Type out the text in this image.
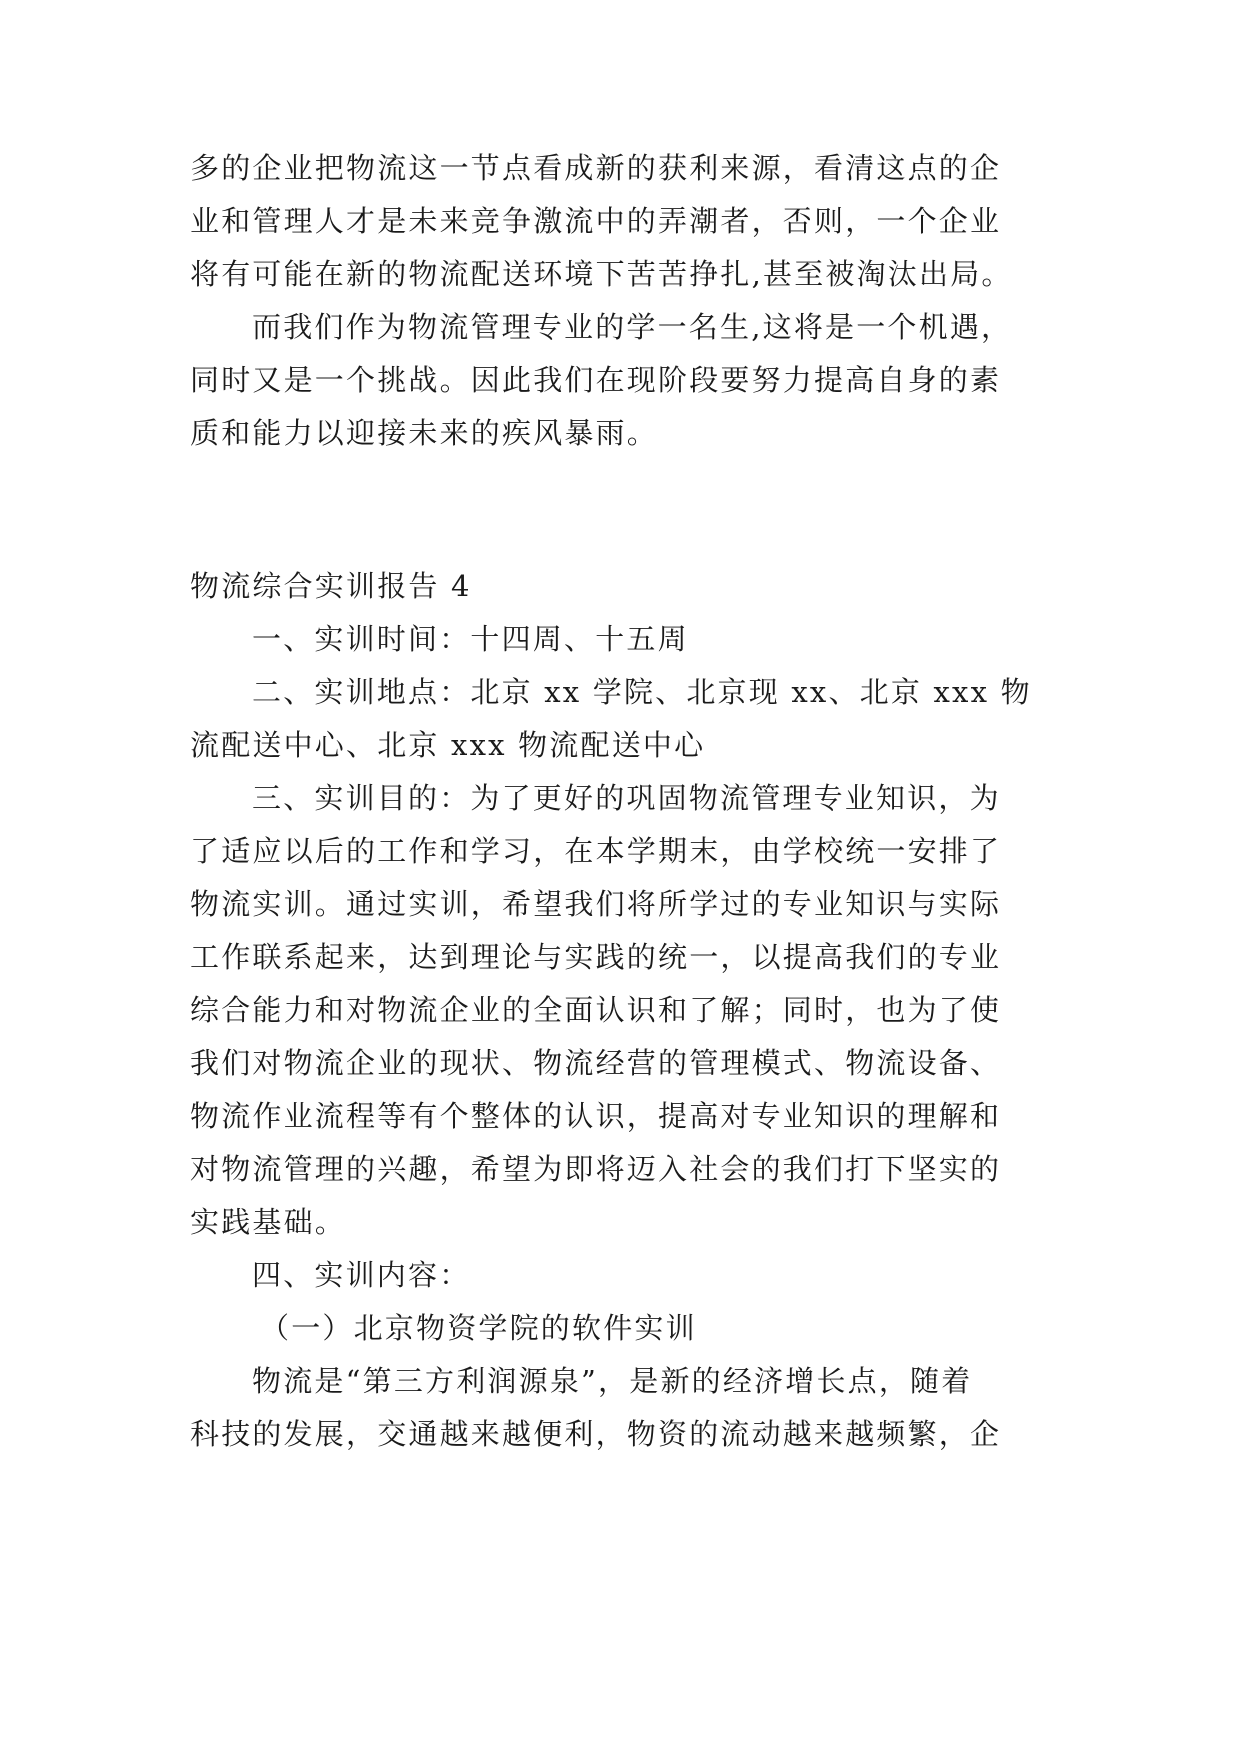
多的企业把物流这一节点看成新的获利来源，看清这点的企
业和管理人才是未来竞争激流中的弄潮者，否则，一个企业
将有可能在新的物流配送环境下苦苦挣扎,甚至被淘汰出局。
而我们作为物流管理专业的学一名生,这将是一个机遇，
同时又是一个挑战。因此我们在现阶段要努力提高自身的素
质和能力以迎接未来的疾风暴雨。
物流综合实训报告 4
一、实训时间：十四周、十五周
二、实训地点：北京 xx 学院、北京现 xx、北京 xxx 物
流配送中心、北京 xxx 物流配送中心
三、实训目的：为了更好的巩固物流管理专业知识，为
了适应以后的工作和学习，在本学期末，由学校统一安排了
物流实训。通过实训，希望我们将所学过的专业知识与实际
工作联系起来，达到理论与实践的统一，以提高我们的专业
综合能力和对物流企业的全面认识和了解；同时，也为了使
我们对物流企业的现状、物流经营的管理模式、物流设备、
物流作业流程等有个整体的认识，提高对专业知识的理解和
对物流管理的兴趣，希望为即将迈入社会的我们打下坚实的
实践基础。
四、实训内容：
（一）北京物资学院的软件实训
物流是“第三方利润源泉”，是新的经济增长点，随着
科技的发展，交通越来越便利，物资的流动越来越频繁，企
